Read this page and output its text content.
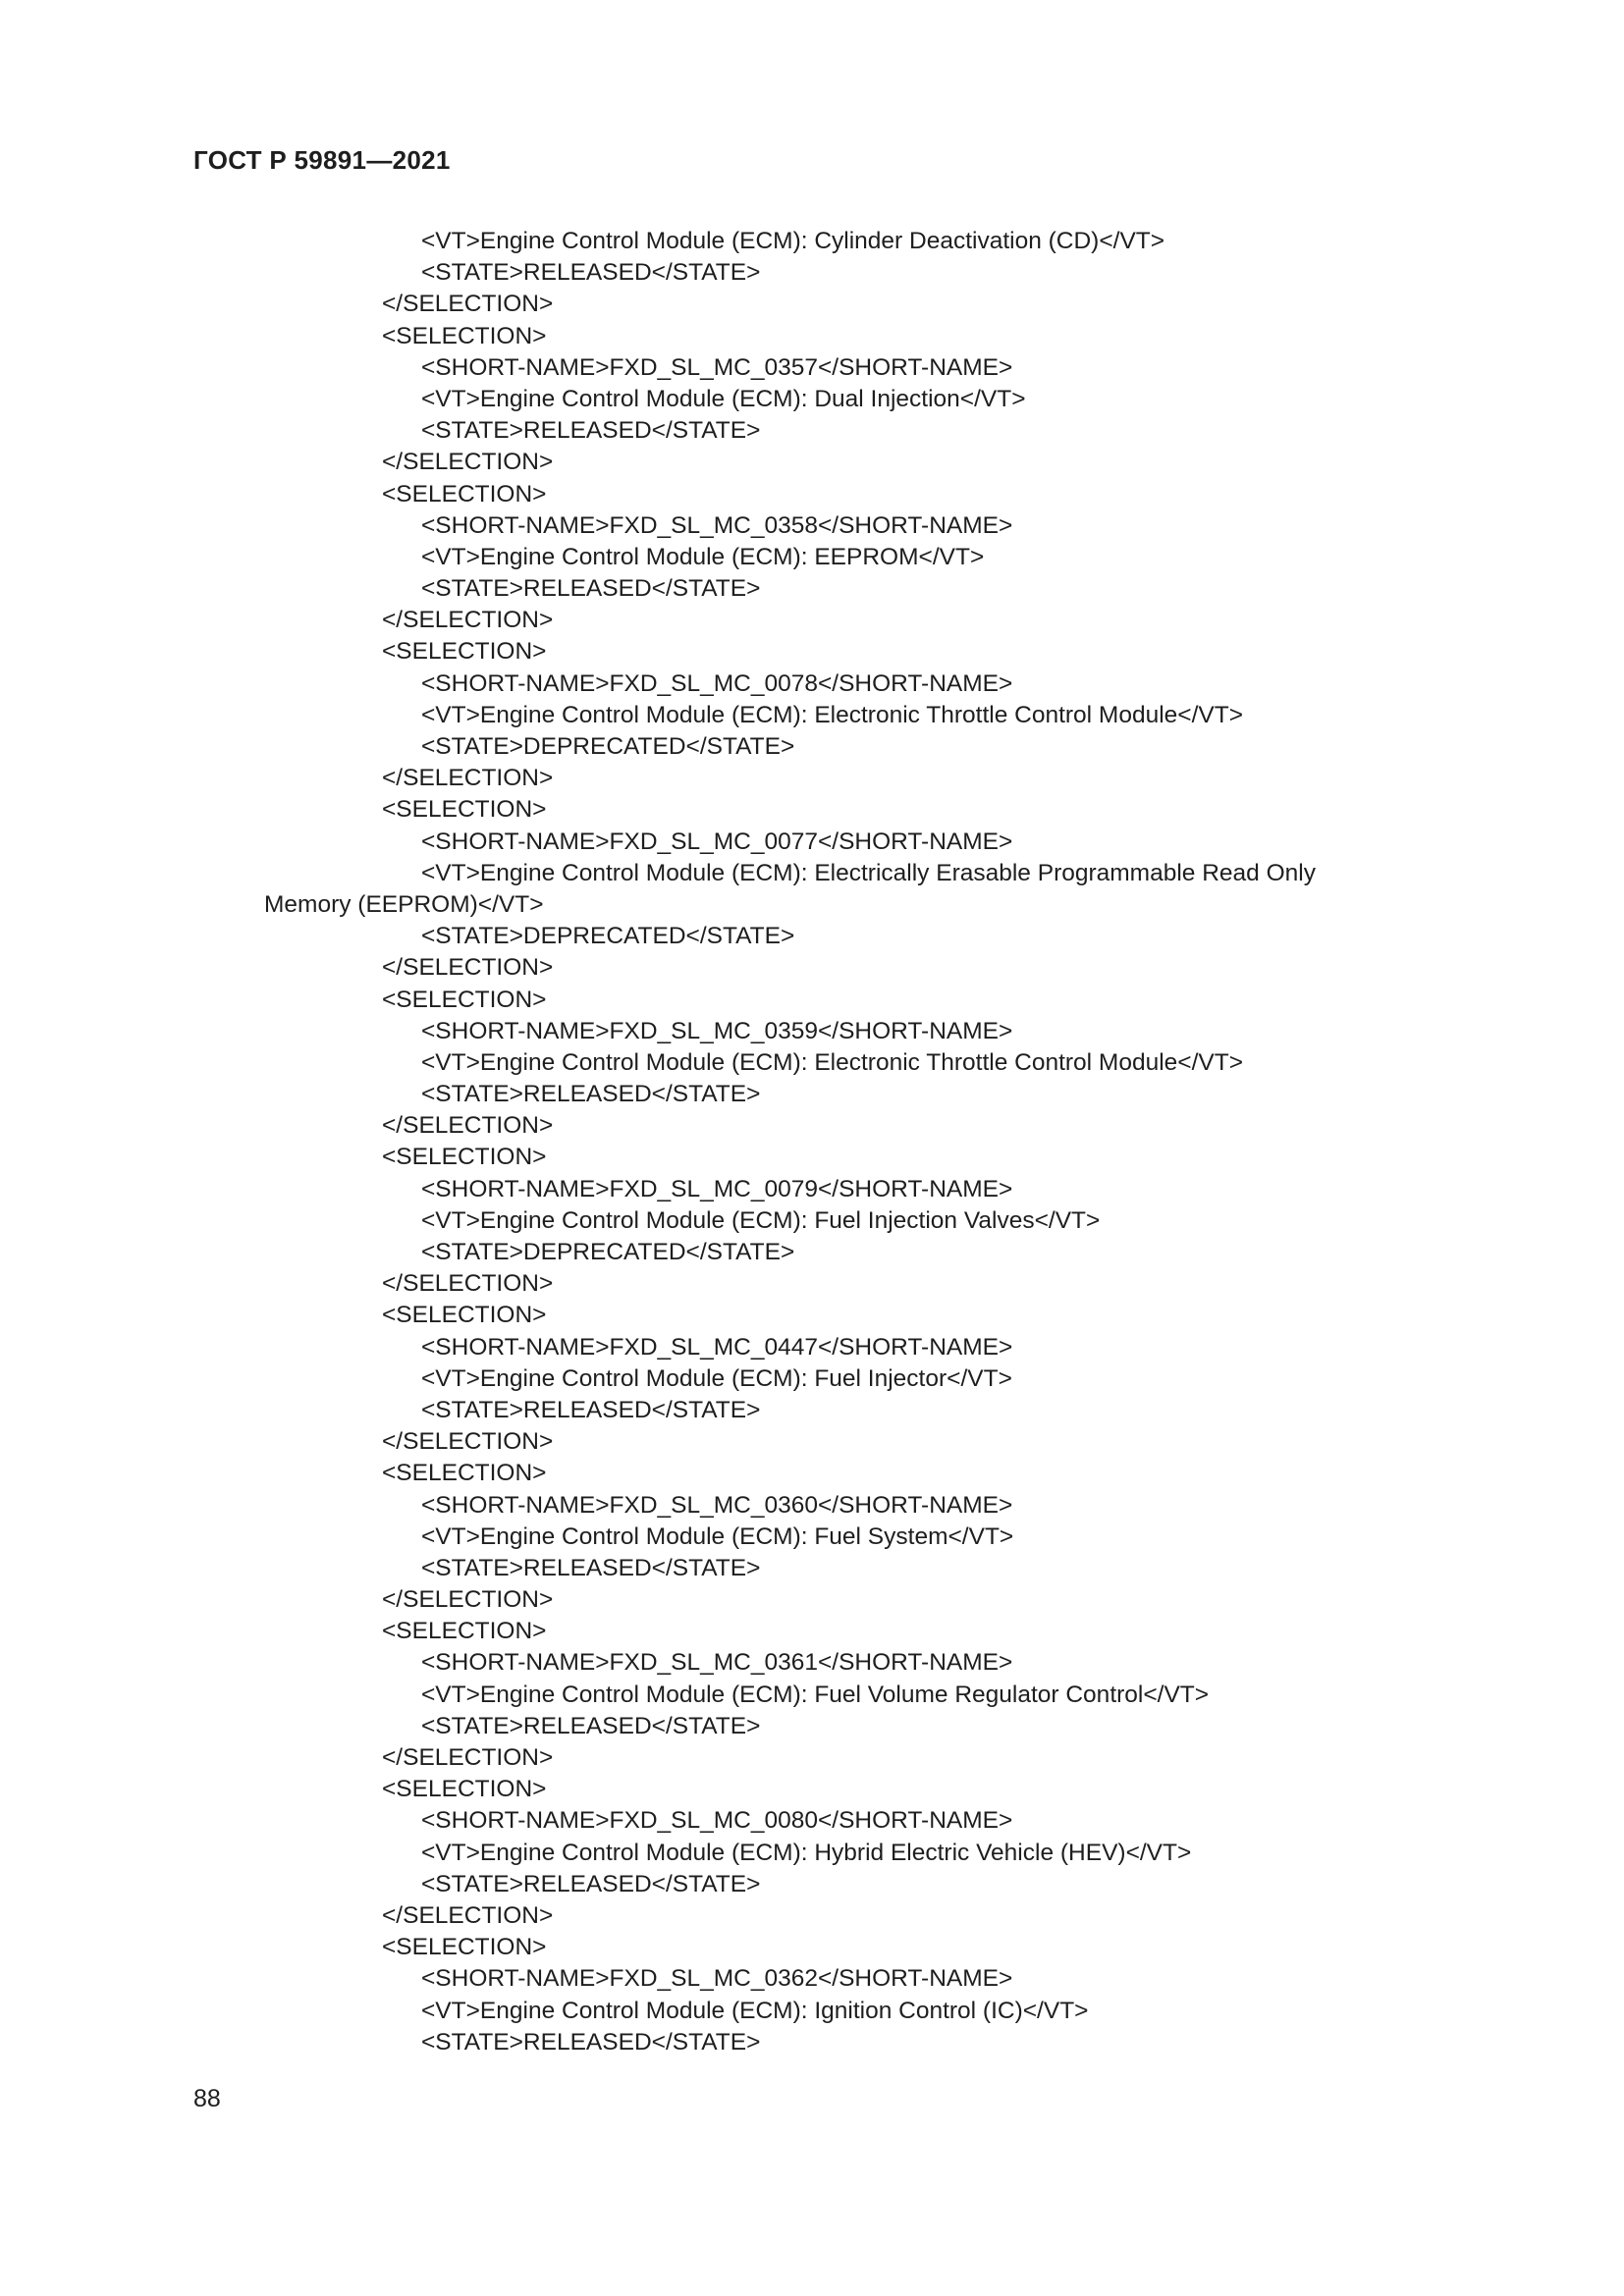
ГОСТ Р 59891—2021
<VT>Engine Control Module (ECM): Cylinder Deactivation (CD)</VT>
<STATE>RELEASED</STATE>
</SELECTION>
<SELECTION>
<SHORT-NAME>FXD_SL_MC_0357</SHORT-NAME>
<VT>Engine Control Module (ECM): Dual Injection</VT>
<STATE>RELEASED</STATE>
</SELECTION>
<SELECTION>
<SHORT-NAME>FXD_SL_MC_0358</SHORT-NAME>
<VT>Engine Control Module (ECM): EEPROM</VT>
<STATE>RELEASED</STATE>
</SELECTION>
<SELECTION>
<SHORT-NAME>FXD_SL_MC_0078</SHORT-NAME>
<VT>Engine Control Module (ECM): Electronic Throttle Control Module</VT>
<STATE>DEPRECATED</STATE>
</SELECTION>
<SELECTION>
<SHORT-NAME>FXD_SL_MC_0077</SHORT-NAME>
<VT>Engine Control Module (ECM): Electrically Erasable Programmable Read Only
Memory (EEPROM)</VT>
<STATE>DEPRECATED</STATE>
</SELECTION>
<SELECTION>
<SHORT-NAME>FXD_SL_MC_0359</SHORT-NAME>
<VT>Engine Control Module (ECM): Electronic Throttle Control Module</VT>
<STATE>RELEASED</STATE>
</SELECTION>
<SELECTION>
<SHORT-NAME>FXD_SL_MC_0079</SHORT-NAME>
<VT>Engine Control Module (ECM): Fuel Injection Valves</VT>
<STATE>DEPRECATED</STATE>
</SELECTION>
<SELECTION>
<SHORT-NAME>FXD_SL_MC_0447</SHORT-NAME>
<VT>Engine Control Module (ECM): Fuel Injector</VT>
<STATE>RELEASED</STATE>
</SELECTION>
<SELECTION>
<SHORT-NAME>FXD_SL_MC_0360</SHORT-NAME>
<VT>Engine Control Module (ECM): Fuel System</VT>
<STATE>RELEASED</STATE>
</SELECTION>
<SELECTION>
<SHORT-NAME>FXD_SL_MC_0361</SHORT-NAME>
<VT>Engine Control Module (ECM): Fuel Volume Regulator Control</VT>
<STATE>RELEASED</STATE>
</SELECTION>
<SELECTION>
<SHORT-NAME>FXD_SL_MC_0080</SHORT-NAME>
<VT>Engine Control Module (ECM): Hybrid Electric Vehicle (HEV)</VT>
<STATE>RELEASED</STATE>
</SELECTION>
<SELECTION>
<SHORT-NAME>FXD_SL_MC_0362</SHORT-NAME>
<VT>Engine Control Module (ECM): Ignition Control (IC)</VT>
<STATE>RELEASED</STATE>
88
